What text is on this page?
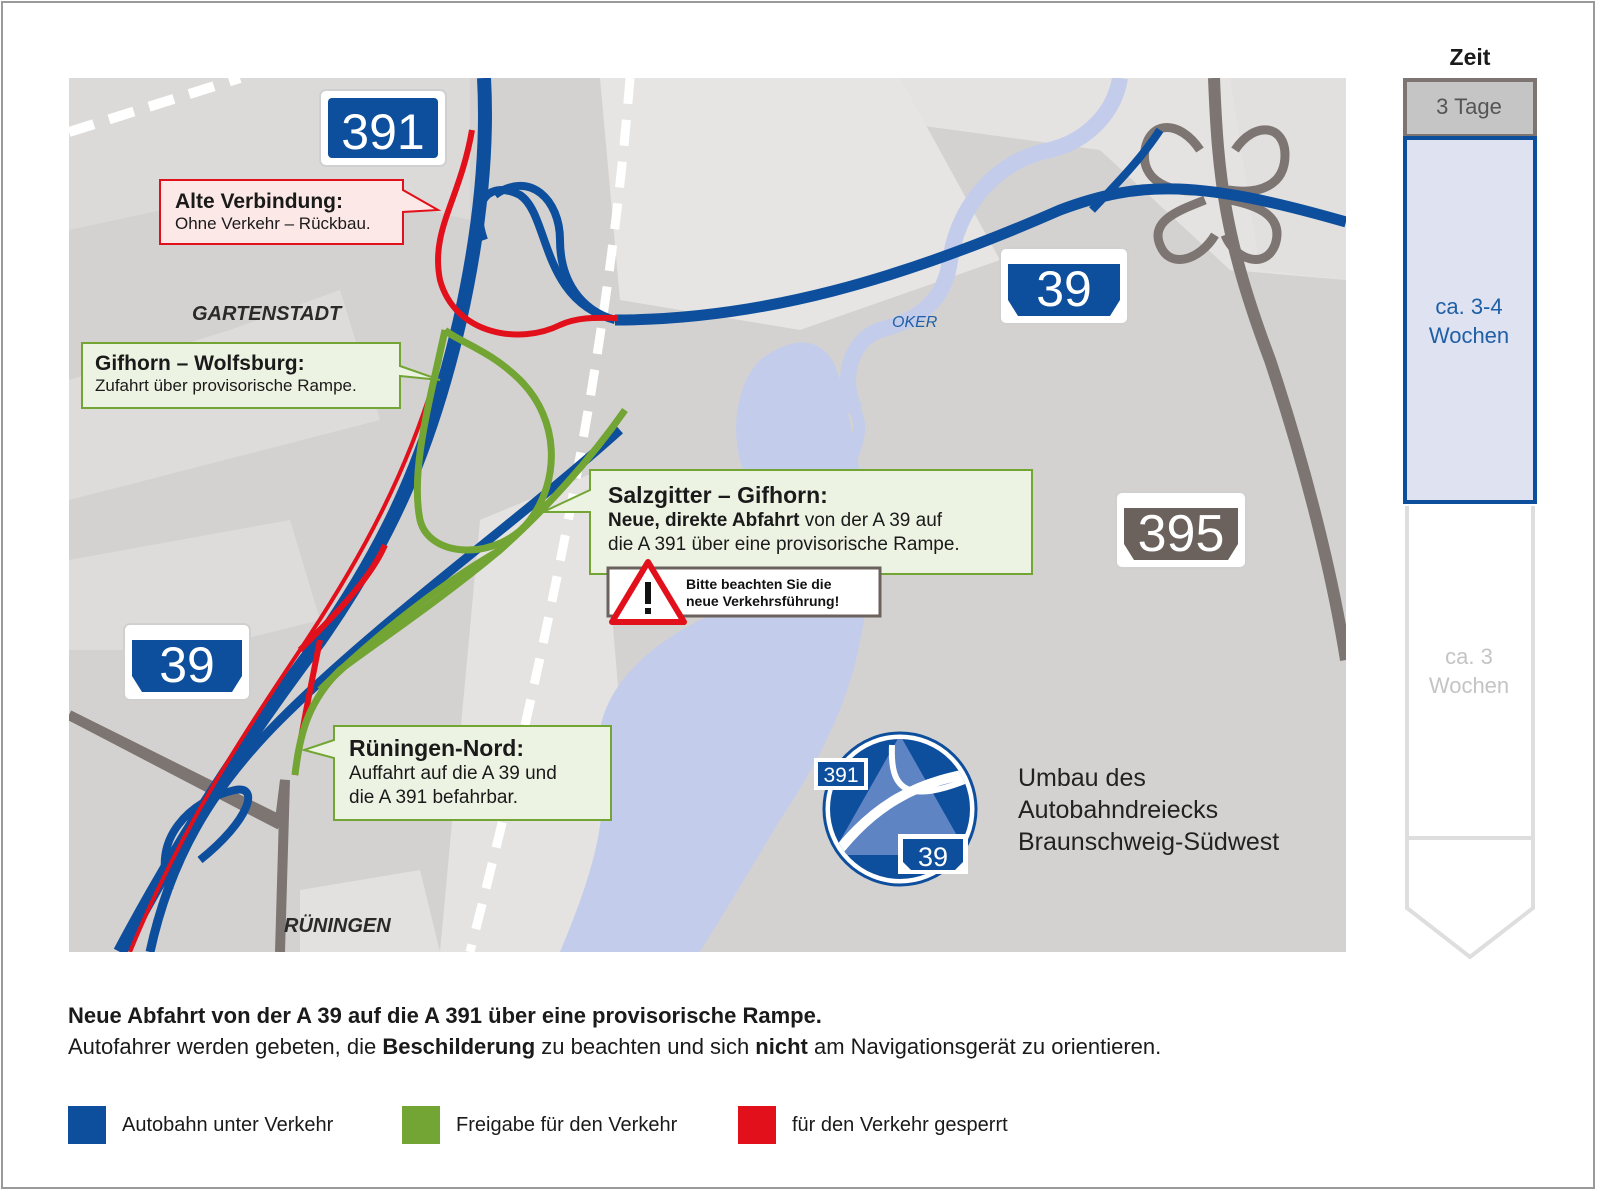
391
39
39
395
391
39
GARTENSTADT
RÜNINGEN
OKER
Alte Verbindung:
Ohne Verkehr – Rückbau.
Gifhorn – Wolfsburg:
Zufahrt über provisorische Rampe.
Salzgitter – Gifhorn:
Neue, direkte Abfahrt von der A 39 auf
die A 391 über eine provisorische Rampe.
Rüningen-Nord:
Auffahrt auf die A 39 und
die A 391 befahrbar.
Bitte beachten Sie die
neue Verkehrsführung!
Umbau des
Autobahndreiecks
Braunschweig-Südwest
Zeit
3 Tage
ca. 3-4
Wochen
ca. 3
Wochen
Neue Abfahrt von der A 39 auf die A 391 über eine provisorische Rampe.
Autofahrer werden gebeten, die Beschilderung zu beachten und sich nicht am Navigationsgerät zu orientieren.
Autobahn unter Verkehr	Freigabe für den Verkehr	für den Verkehr gesperrt
